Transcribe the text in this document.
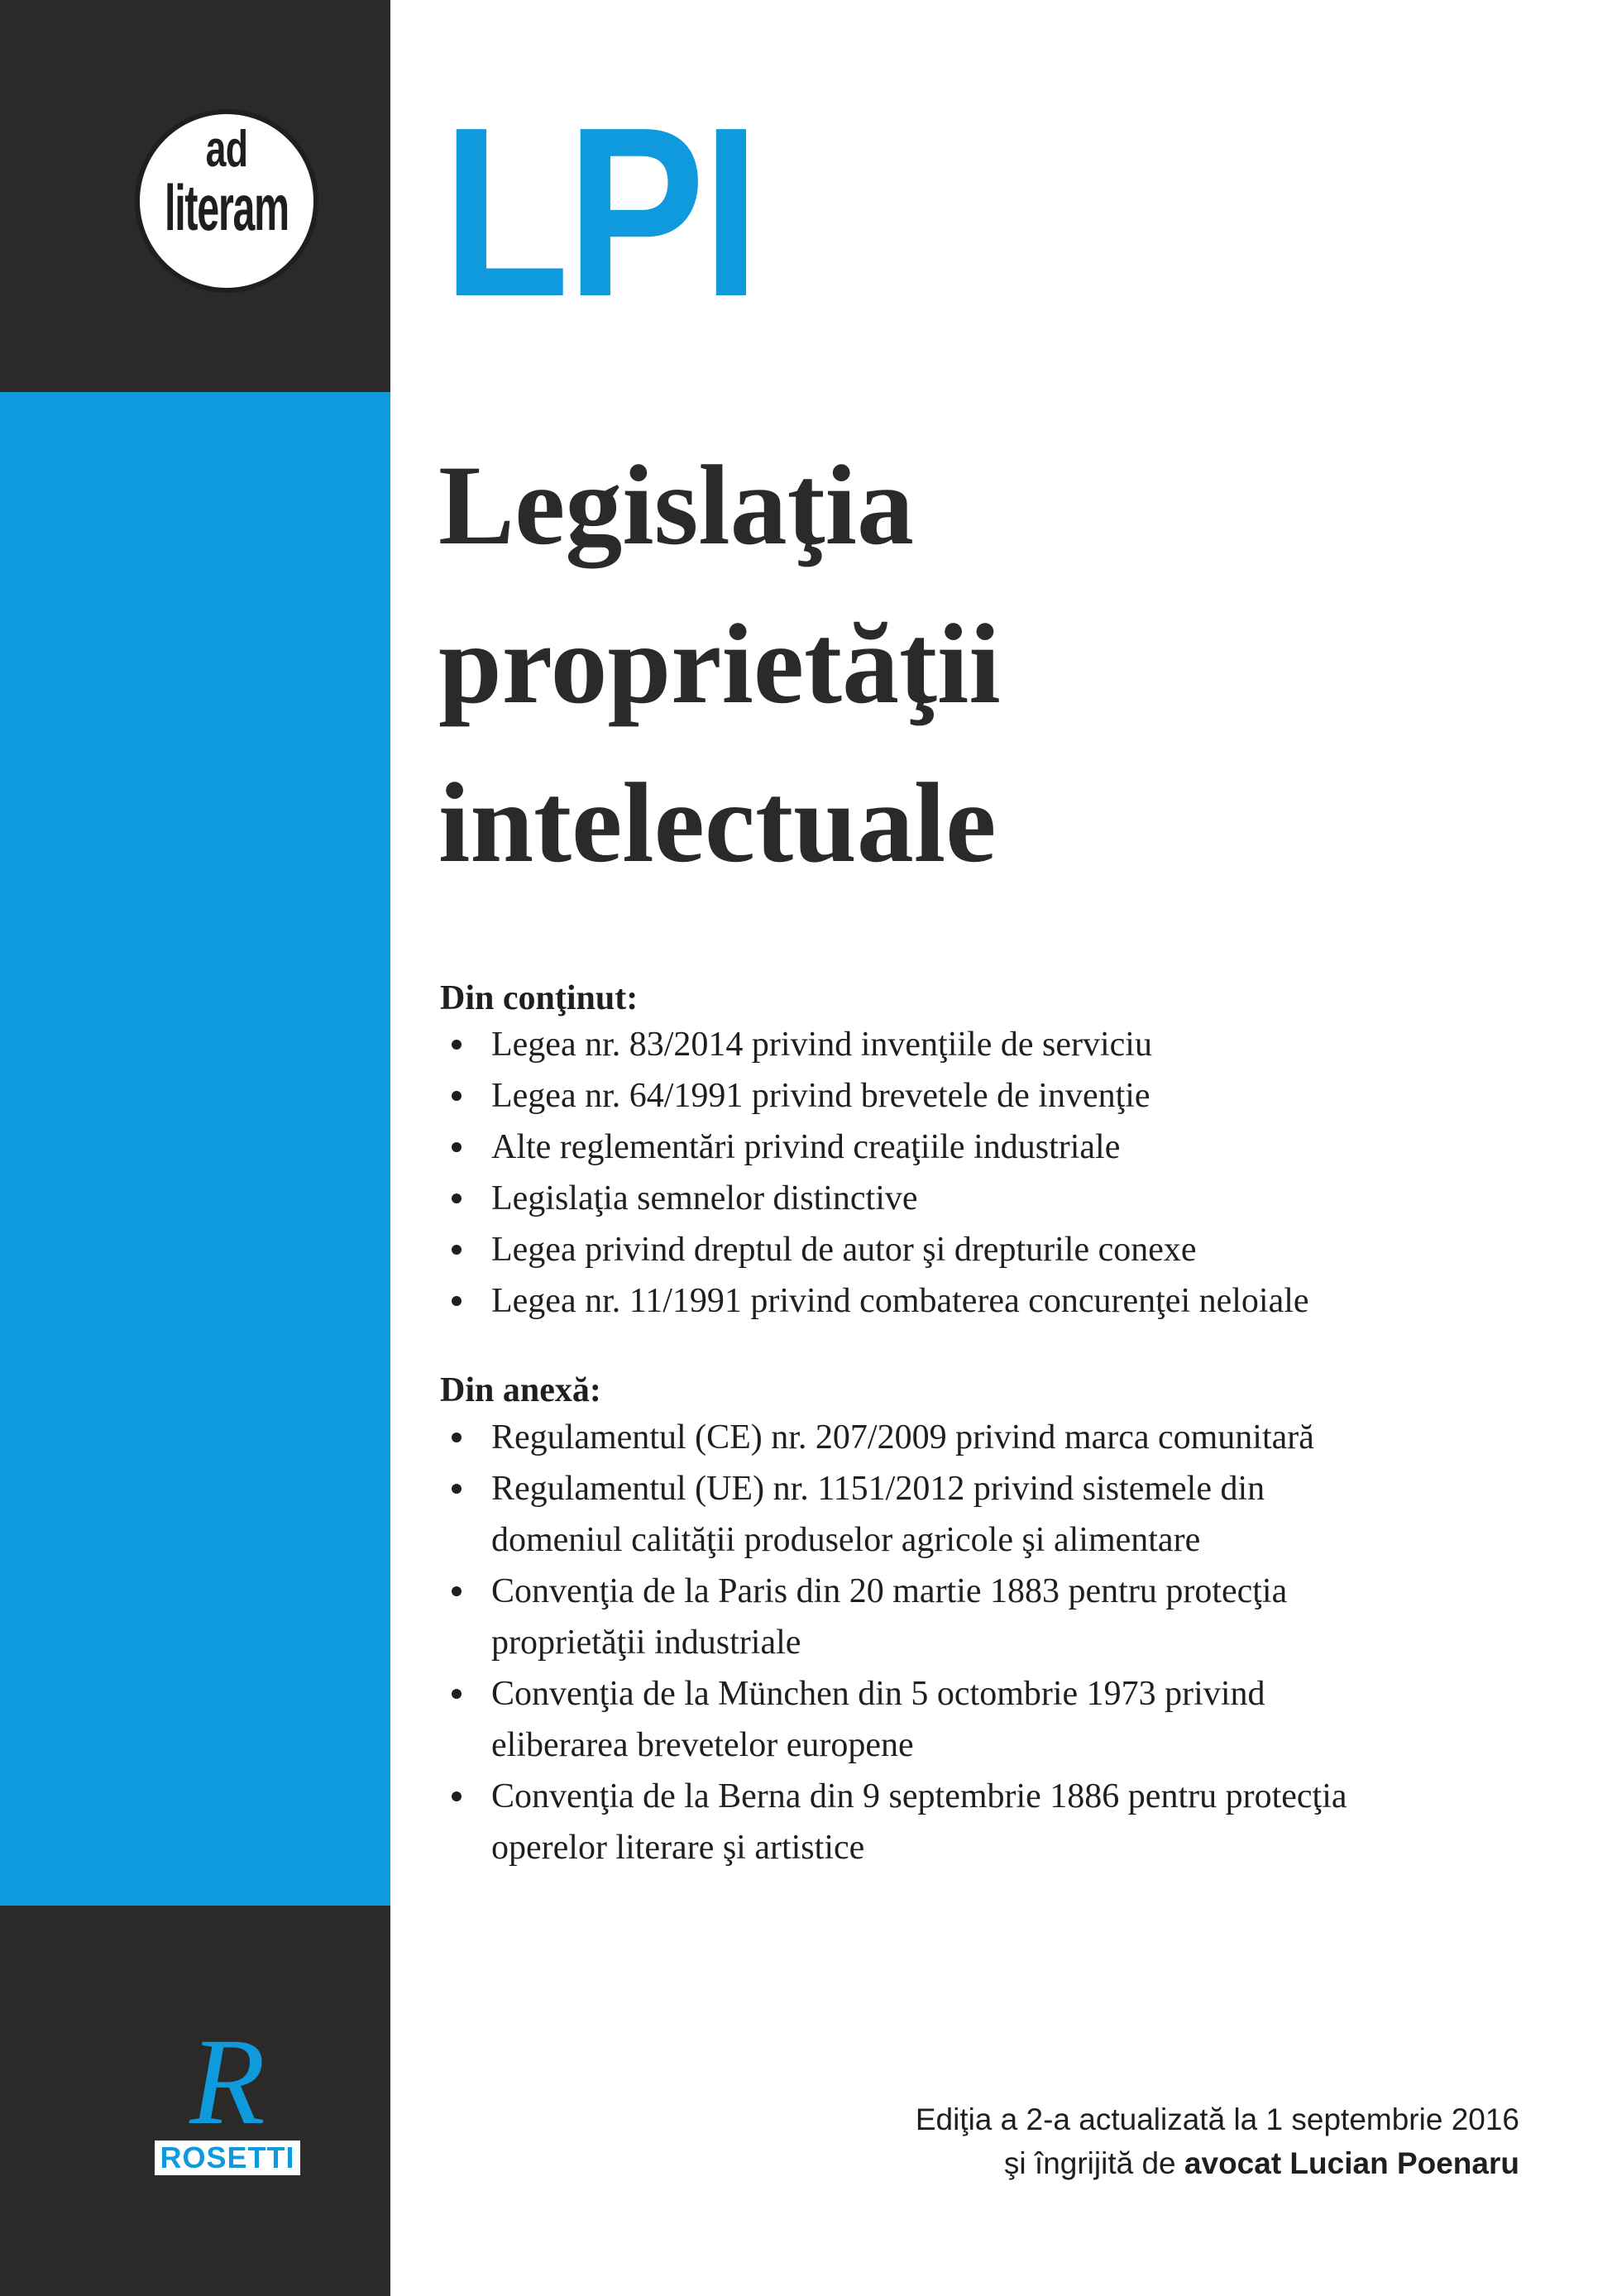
ad
literam LPI
Legislaţia
proprietăţii
intelectuale
Din conţinut:
Legea nr. 83/2014 privind invenţiile de serviciu
Legea nr. 64/1991 privind brevetele de invenţie
Alte reglementări privind creaţiile industriale
Legislaţia semnelor distinctive
Legea privind dreptul de autor şi drepturile conexe
Legea nr. 11/1991 privind combaterea concurenţei neloiale
Din anexă:
Regulamentul (CE) nr. 207/2009 privind marca comunitară
Regulamentul (UE) nr. 1151/2012 privind sistemele din
domeniul calităţii produselor agricole şi alimentare
Convenţia de la Paris din 20 martie 1883 pentru protecţia
proprietăţii industriale
Convenţia de la München din 5 octombrie 1973 privind
eliberarea brevetelor europene
Convenţia de la Berna din 9 septembrie 1886 pentru protecţia
operelor literare şi artistice
R
ROSETTI
Ediţia a 2-a actualizată la 1 septembrie 2016
şi îngrijită de avocat Lucian Poenaru
